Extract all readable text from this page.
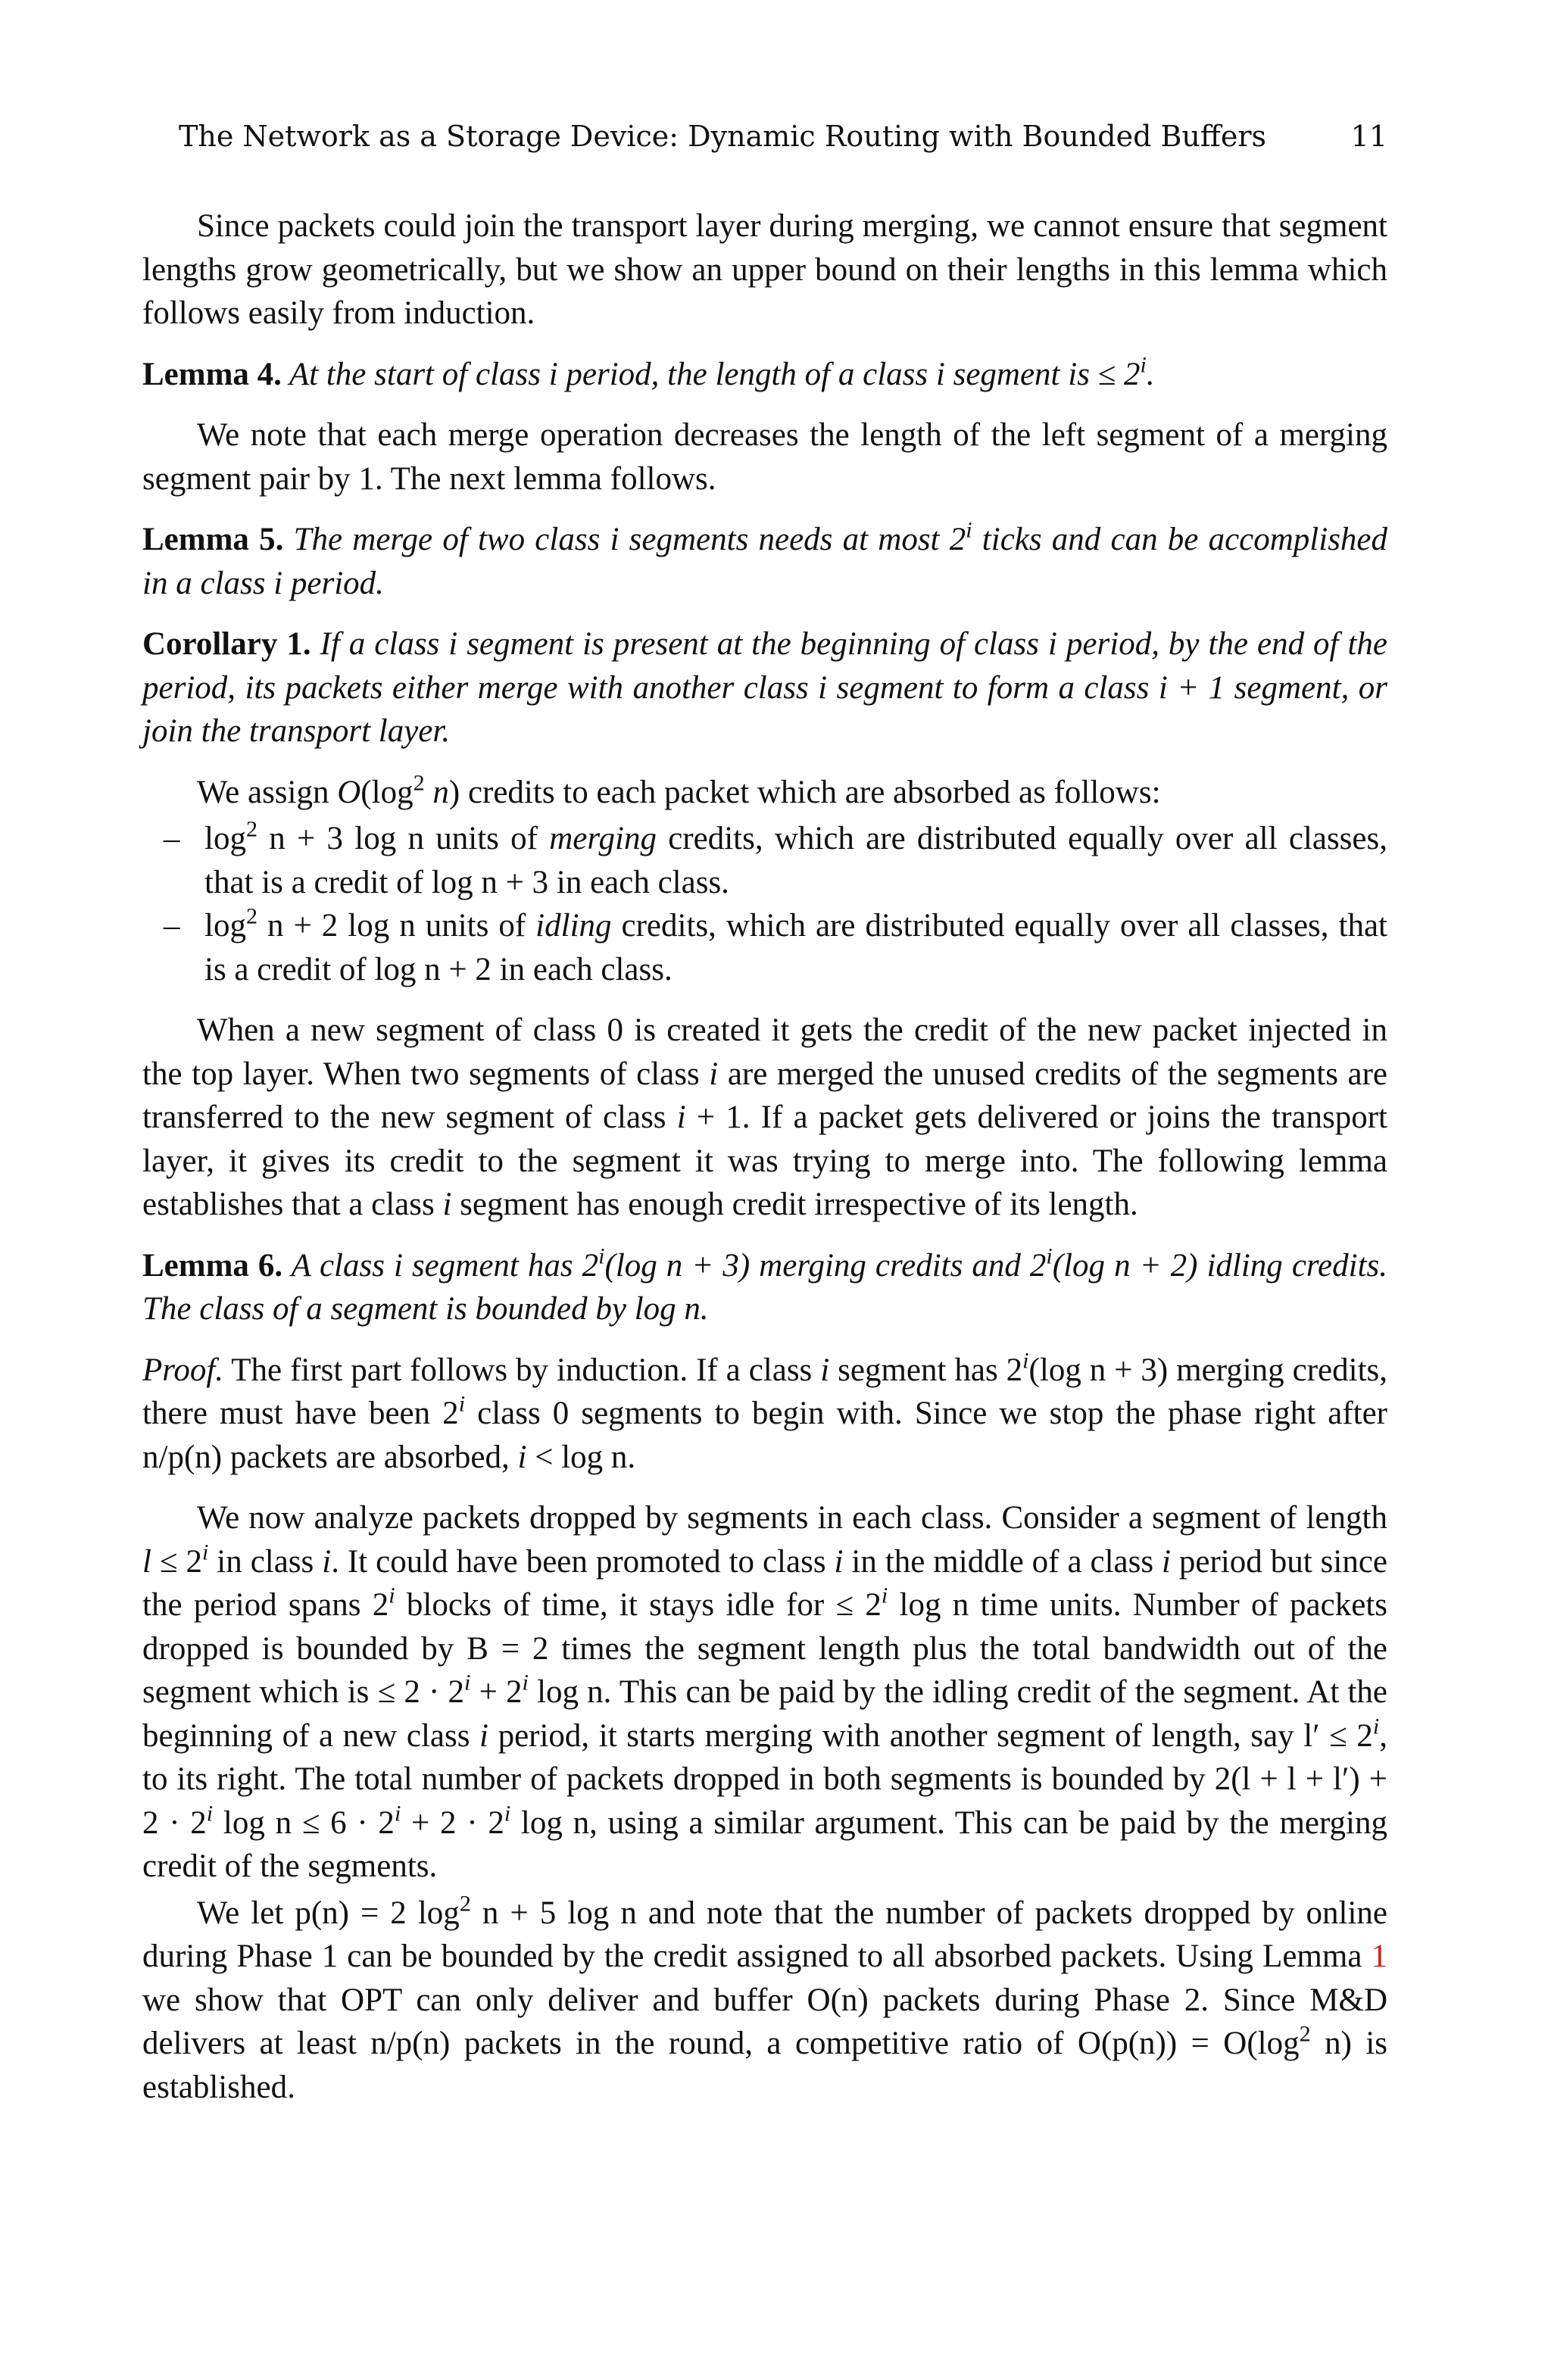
The Network as a Storage Device: Dynamic Routing with Bounded Buffers	11

Since packets could join the transport layer during merging, we cannot ensure that segment lengths grow geometrically, but we show an upper bound on their lengths in this lemma which follows easily from induction.

Lemma 4. At the start of class i period, the length of a class i segment is ≤ $2^i$.

We note that each merge operation decreases the length of the left segment of a merging segment pair by 1. The next lemma follows.

Lemma 5. The merge of two class i segments needs at most 2$^i$ ticks and can be accomplished in a class i period.

Corollary 1. If a class i segment is present at the beginning of class i period, by the end of the period, its packets either merge with another class i segment to form a class i + 1 segment, or join the transport layer.

We assign $O(\log^2$ n) credits to each packet which are absorbed as follows:

– $\log^2 n + 3$ log n units of merging credits, which are distributed equally over all classes, that is a credit of log n + 3 in each class.
– $\log^2 n + 2$ log n units of idling credits, which are distributed equally over all classes, that is a credit of log n + 2 in each class.

When a new segment of class 0 is created it gets the credit of the new packet injected in the top layer. When two segments of class i are merged the unused credits of the segments are transferred to the new segment of class i + 1. If a packet gets delivered or joins the transport layer, it gives its credit to the segment it was trying to merge into. The following lemma establishes that a class i segment has enough credit irrespective of its length.

Lemma 6. A class i segment has 2$^i$(log n + 3) merging credits and 2$^i$(log n + 2) idling credits. The class of a segment is bounded by log n.

Proof. The first part follows by induction. If a class i segment has 2$^i$(log n + 3) merging credits, there must have been 2$^i$ class 0 segments to begin with. Since we stop the phase right after n/p(n) packets are absorbed, i < log n.

We now analyze packets dropped by segments in each class. Consider a segment of length $l \le 2^i$ in class i. It could have been promoted to class i in the middle of a class i period but since the period spans 2$^i$ blocks of time, it stays idle for ≤ $2^i$ log n time units. Number of packets dropped is bounded by B = 2 times the segment length plus the total bandwidth out of the segment which is ≤ $2 \cdot 2^i + 2^i$ log n. This can be paid by the idling credit of the segment. At the beginning of a new class i period, it starts merging with another segment of length, say $l' \le 2^i$, to its right. The total number of packets dropped in both segments is bounded by $2(l + l + l') + 2 \cdot 2^i$ $\log n \le 6 \cdot 2^i + 2 \cdot 2^i$ log n, using a similar argument. This can be paid by the merging credit of the segments.

We let p(n) = 2 $\log^2 n + 5$ log n and note that the number of packets dropped by online during Phase 1 can be bounded by the credit assigned to all absorbed packets. Using Lemma 1 we show that OPT can only deliver and buffer O(n) packets during Phase 2. Since M&D delivers at least n/p(n) packets in the round, a competitive ratio of $O(p(n)) = O(\log^2$ n) is established.
